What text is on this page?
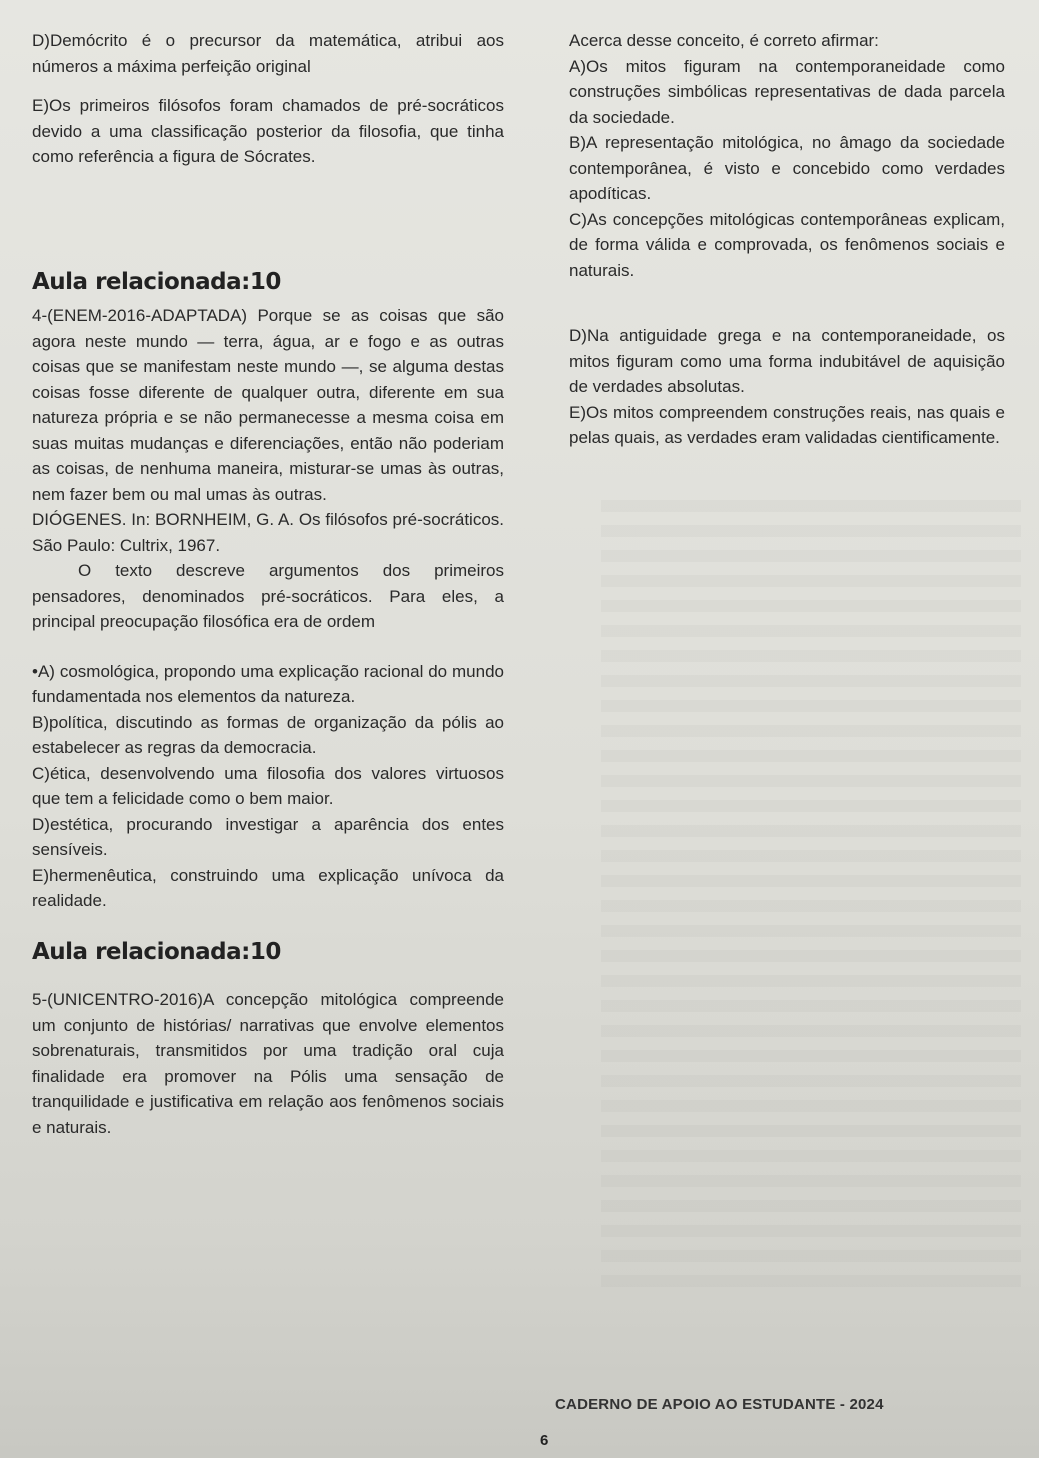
D)Demócrito é o precursor da matemática, atribui aos números a máxima perfeição original

E)Os primeiros filósofos foram chamados de pré-socráticos devido a uma classificação posterior da filosofia, que tinha como referência a figura de Sócrates.

Aula relacionada:10

4-(ENEM-2016-ADAPTADA) Porque se as coisas que são agora neste mundo — terra, água, ar e fogo e as outras coisas que se manifestam neste mundo —, se alguma destas coisas fosse diferente de qualquer outra, diferente em sua natureza própria e se não permanecesse a mesma coisa em suas muitas mudanças e diferenciações, então não poderiam as coisas, de nenhuma maneira, misturar-se umas às outras, nem fazer bem ou mal umas às outras.

DIÓGENES. In: BORNHEIM, G. A. Os filósofos pré-socráticos. São Paulo: Cultrix, 1967.

O texto descreve argumentos dos primeiros pensadores, denominados pré-socráticos. Para eles, a principal preocupação filosófica era de ordem

•A) cosmológica, propondo uma explicação racional do mundo fundamentada nos elementos da natureza.

B)política, discutindo as formas de organização da pólis ao estabelecer as regras da democracia.

C)ética, desenvolvendo uma filosofia dos valores virtuosos que tem a felicidade como o bem maior.

D)estética, procurando investigar a aparência dos entes sensíveis.

E)hermenêutica, construindo uma explicação unívoca da realidade.

Aula relacionada:10

5-(UNICENTRO-2016)A concepção mitológica compreende um conjunto de histórias/ narrativas que envolve elementos sobrenaturais, transmitidos por uma tradição oral cuja finalidade era promover na Pólis uma sensação de tranquilidade e justificativa em relação aos fenômenos sociais e naturais.

Acerca desse conceito, é correto afirmar:

A)Os mitos figuram na contemporaneidade como construções simbólicas representativas de dada parcela da sociedade.

B)A representação mitológica, no âmago da sociedade contemporânea, é visto e concebido como verdades apodíticas.

C)As concepções mitológicas contemporâneas explicam, de forma válida e comprovada, os fenômenos sociais e naturais.

D)Na antiguidade grega e na contemporaneidade, os mitos figuram como uma forma indubitável de aquisição de verdades absolutas.

E)Os mitos compreendem construções reais, nas quais e pelas quais, as verdades eram validadas cientificamente.

CADERNO DE APOIO AO ESTUDANTE - 2024
6
